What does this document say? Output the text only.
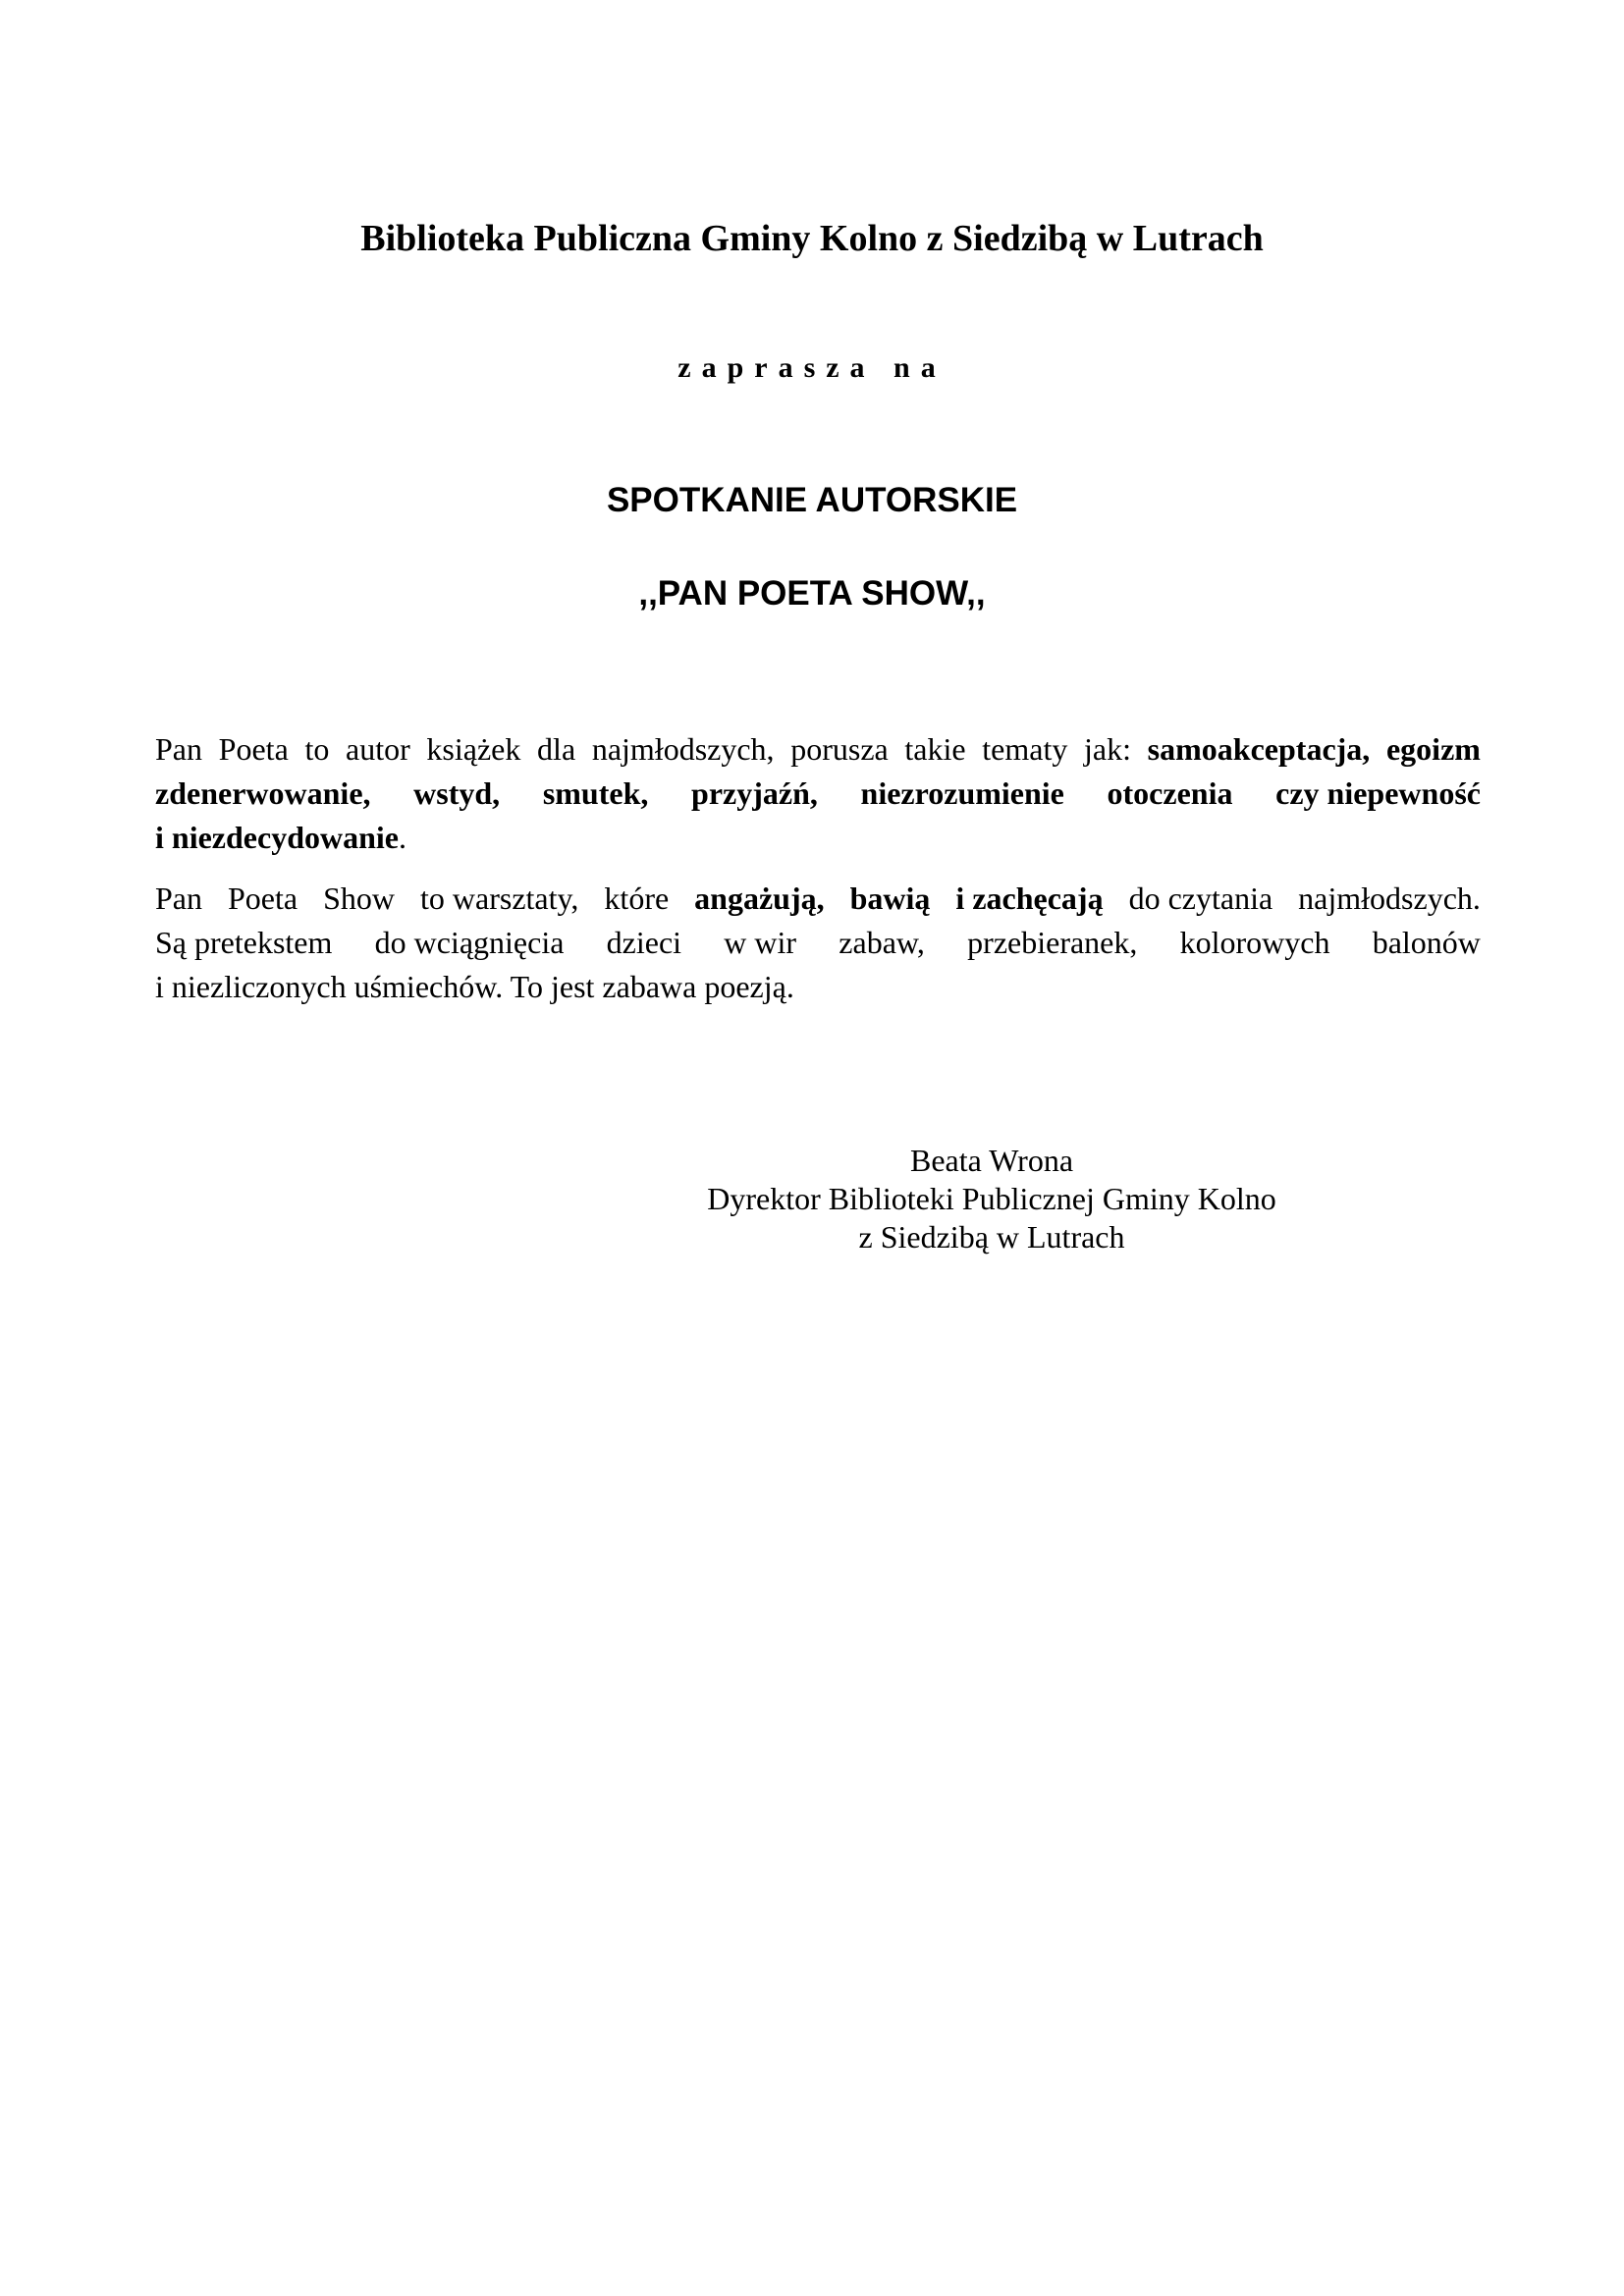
Biblioteka Publiczna Gminy Kolno z Siedzibą w Lutrach
zaprasza na
SPOTKANIE AUTORSKIE
,,PAN POETA SHOW,,
Pan Poeta to autor książek dla najmłodszych, porusza takie tematy jak: samoakceptacja, egoizm
zdenerwowanie, wstyd, smutek, przyjaźń, niezrozumienie otoczenia czy niepewność
i niezdecydowanie.
Pan Poeta Show to warsztaty, które angażują, bawią i zachęcają do czytania najmłodszych.
Są pretekstem do wciągnięcia dzieci w wir zabaw, przebieranek, kolorowych balonów
i niezliczonych uśmiechów. To jest zabawa poezją.
Beata Wrona
Dyrektor Biblioteki Publicznej Gminy Kolno
z Siedzibą w Lutrach
